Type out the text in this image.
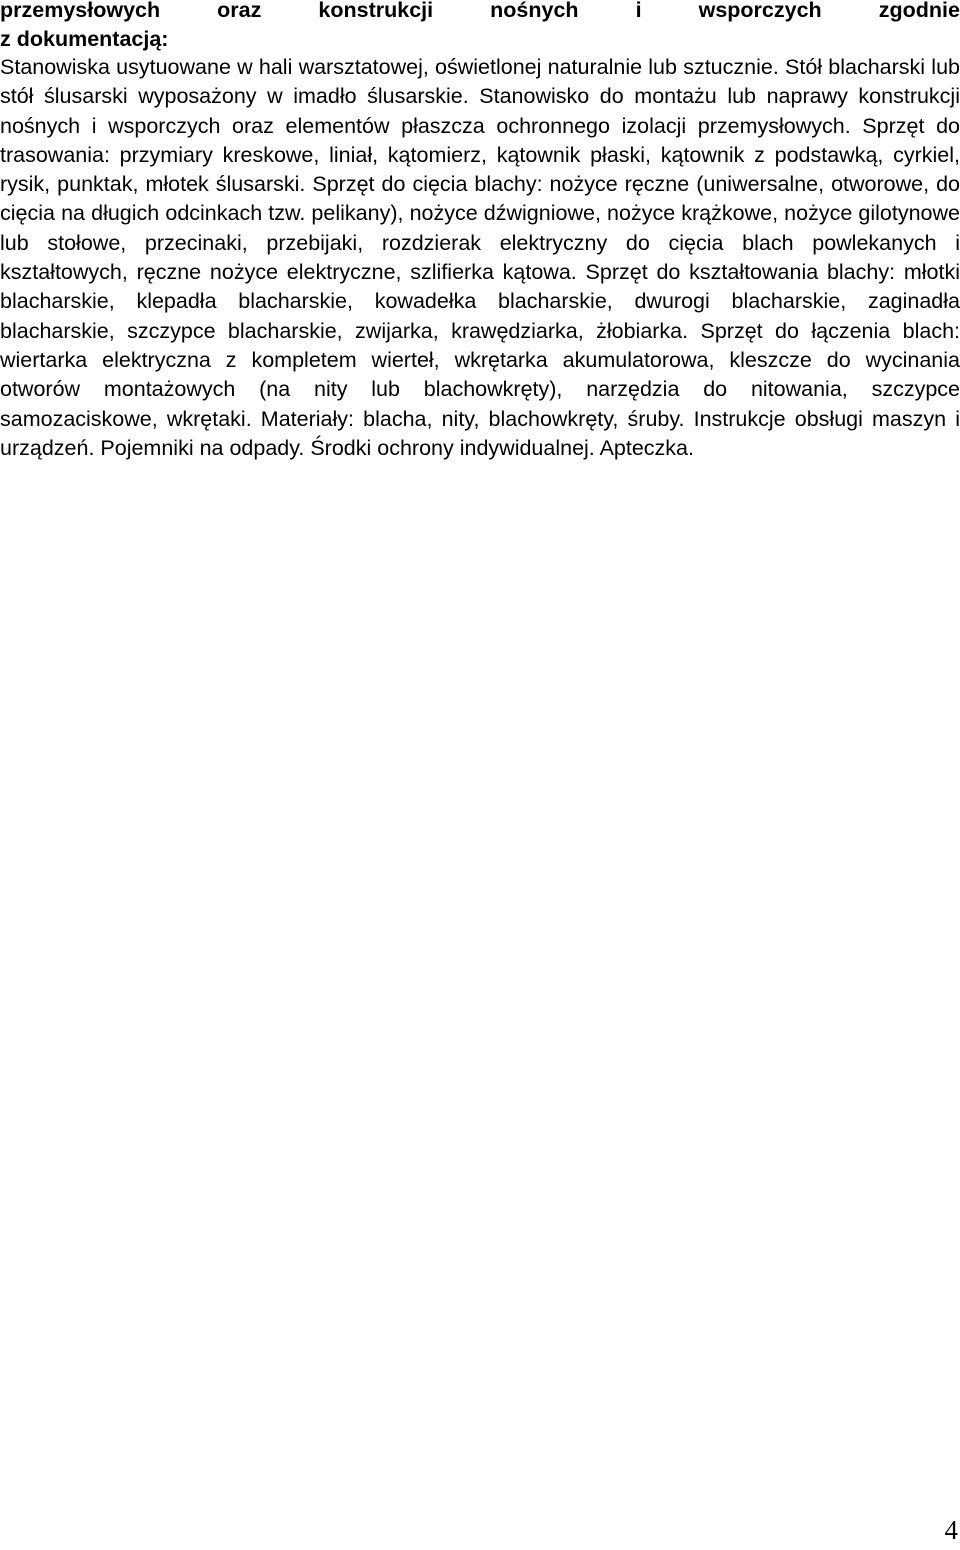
przemysłowych	oraz	konstrukcji	nośnych	i	wsporczych	zgodnie
z dokumentacją:

Stanowiska usytuowane w hali warsztatowej, oświetlonej naturalnie lub sztucznie. Stół blacharski lub stół ślusarski wyposażony w imadło ślusarskie. Stanowisko do montażu lub naprawy konstrukcji nośnych i wsporczych oraz elementów płaszcza ochronnego izolacji przemysłowych. Sprzęt do trasowania: przymiary kreskowe, liniał, kątomierz, kątownik płaski, kątownik z podstawką, cyrkiel, rysik, punktak, młotek ślusarski. Sprzęt do cięcia blachy: nożyce ręczne (uniwersalne, otworowe, do cięcia na długich odcinkach tzw. pelikany), nożyce dźwigniowe, nożyce krążkowe, nożyce gilotynowe lub stołowe, przecinaki, przebijaki, rozdzierak elektryczny do cięcia blach powlekanych i kształtowych, ręczne nożyce elektryczne, szlifierka kątowa. Sprzęt do kształtowania blachy: młotki blacharskie, klepadła blacharskie, kowadełka blacharskie, dwurogi blacharskie, zaginadła blacharskie, szczypce blacharskie, zwijarka, krawędziarka, żłobiarka. Sprzęt do łączenia blach: wiertarka elektryczna z kompletem wierteł, wkrętarka akumulatorowa, kleszcze do wycinania otworów montażowych (na nity lub blachowkręty), narzędzia do nitowania, szczypce samozaciskowe, wkrętaki. Materiały: blacha, nity, blachowkręty, śruby. Instrukcje obsługi maszyn i urządzeń. Pojemniki na odpady. Środki ochrony indywidualnej. Apteczka.

4
